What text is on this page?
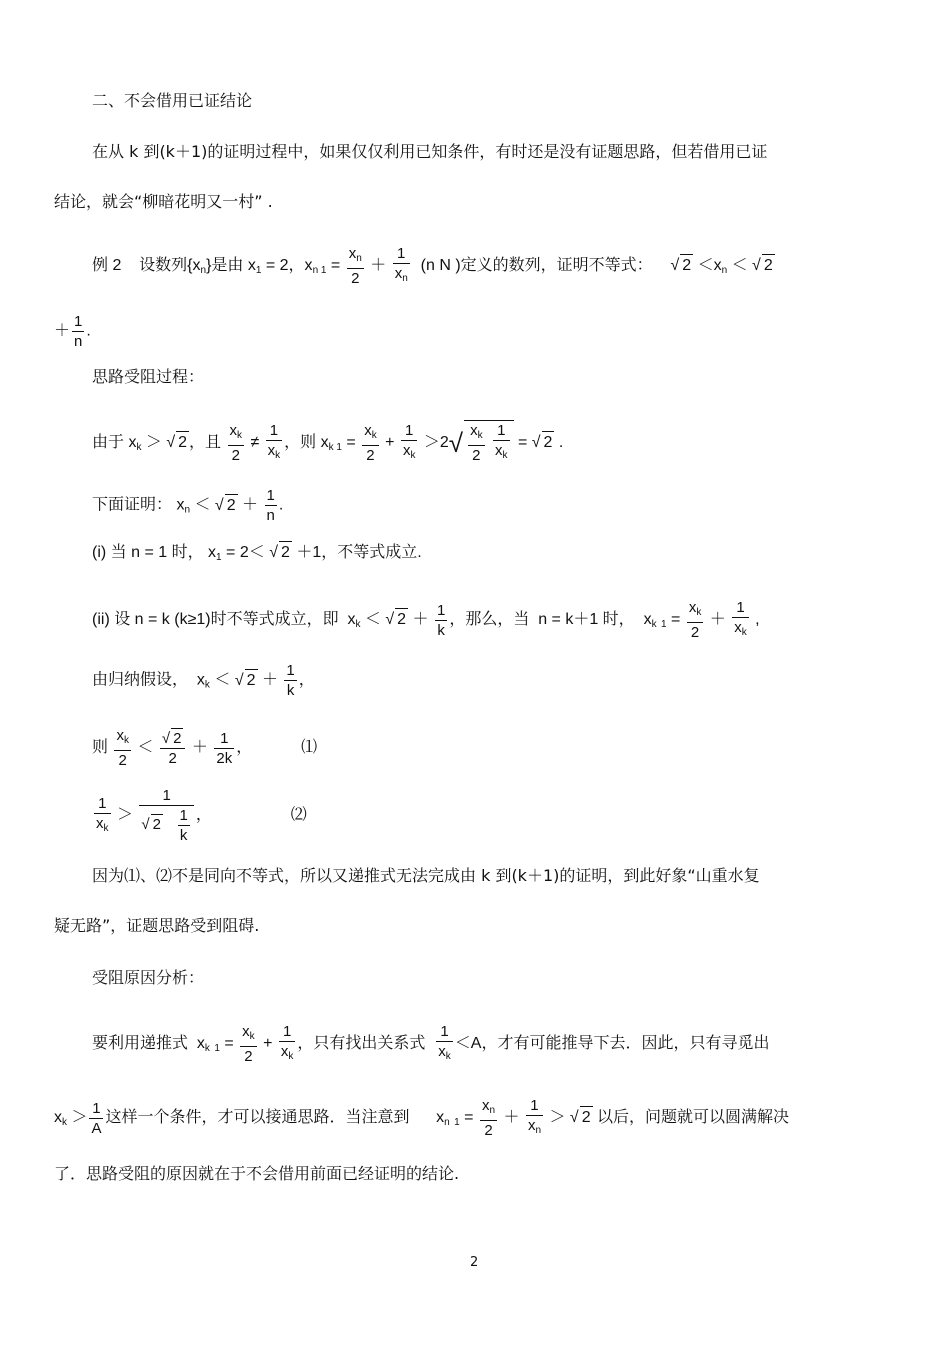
二、不会借用已证结论
在从 k 到(k＋1)的证明过程中，如果仅仅利用已知条件，有时还是没有证题思路，但若借用已证
结论，就会“柳暗花明又一村” .
例 2 设数列$\{x_n\}$是由 $x_1 = 2$，$x_{n 1} = \frac{x_n}{2} + \frac{1}{x_n} (n$ N )定义的数列，证明不等式： √ $2 <x_n$ ＜ √ 2
＋ $\frac{1}{n}$ .
思路受阻过程：
由于 $x_k$ ＞ √ 2 ，且 $\frac{x_k}{2} \ne \frac{1}{x_k}$ ，则 $x_{k 1} = \frac{x_k}{2} + \frac{1}{x_k} >2√ \frac{x_k}{2}$
$\frac{1}{x_k}$ = √ 2 .
下面证明： $x_n$ ＜ √ $2 + \frac{1}{n}$ .
(i) 当 n = 1 时， $x_1 = 2<$ √ 2 ＋1，不等式成立.
(ii) 设 n = k (k≥1)时不等式成立，即  $x_k$ ＜ √ $2 + \frac{1}{k}$ ，那么，当  n = k＋1 时，  $x_k$ $_1 = \frac{x_k}{2} + \frac{1}{x_k}$ ,
由归纳假设，  $x_k$ ＜ √ $2 + \frac{1}{k}$ ，
则 $\frac{x_k}{2} < \frac{√ 2}{2} + \frac{1}{2k}$ ，	⑴
$\frac{1}{x_k} > \frac{1}{√ 2 \frac{1}{k}}$ ，	⑵
因为⑴、⑵不是同向不等式，所以又递推式无法完成由 k 到(k＋1)的证明，到此好象“山重水复
疑无路”，证题思路受到阻碍.
受阻原因分析：
要利用递推式  $x_k$ $_1 = \frac{x_k}{2} + \frac{1}{x_k}$ ，只有找出关系式 $\frac{1}{x_k} <A$，才有可能推导下去．因此，只有寻觅出
$x_k > \frac{1}{A}$ 这样一个条件，才可以接通思路．当注意到      $x_n$ $_1 = \frac{x_n}{2} + \frac{1}{x_n}$ ＞ √ 2 以后，问题就可以圆满解决
了．思路受阻的原因就在于不会借用前面已经证明的结论.
2
